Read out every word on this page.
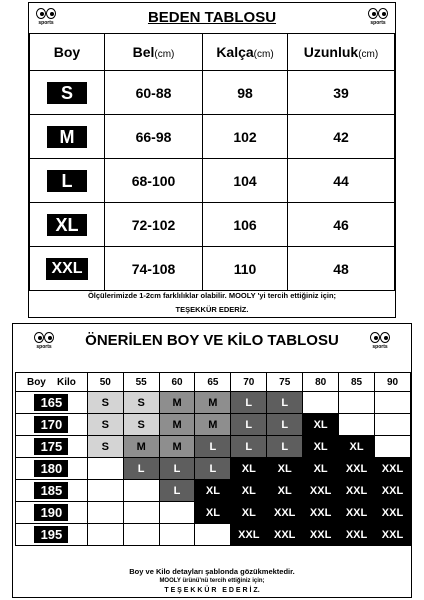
sports	sports
BEDEN TABLOSU
Boy	Bel(cm)	Kalça(cm)	Uzunluk(cm)
S	60-88	98	39
M	66-98	102	42
L	68-100	104	44
XL	72-102	106	46
XXL	74-108	110	48
Ölçülerimizde 1-2cm farklılıklar olabilir. MOOLY 'yi tercih ettiğiniz için;
TEŞEKKÜR EDERİZ.
sports	sports
ÖNERİLEN BOY VE KİLO TABLOSU
Boy Kilo	50	55	60	65	70	75	80	85	90
165	S	S	M	M	L	L			
170	S	S	M	M	L	L	XL		
175	S	M	M	L	L	L	XL	XL	
180		L	L	L	XL	XL	XL	XXL	XXL
185			L	XL	XL	XL	XXL	XXL	XXL
190				XL	XL	XXL	XXL	XXL	XXL
195					XXL	XXL	XXL	XXL	XXL
Boy ve Kilo detayları şablonda gözükmektedir.
MOOLY ürünü'nü tercih ettiğiniz için;
T E Ş E K K Ü R   E D E R İ Z.
